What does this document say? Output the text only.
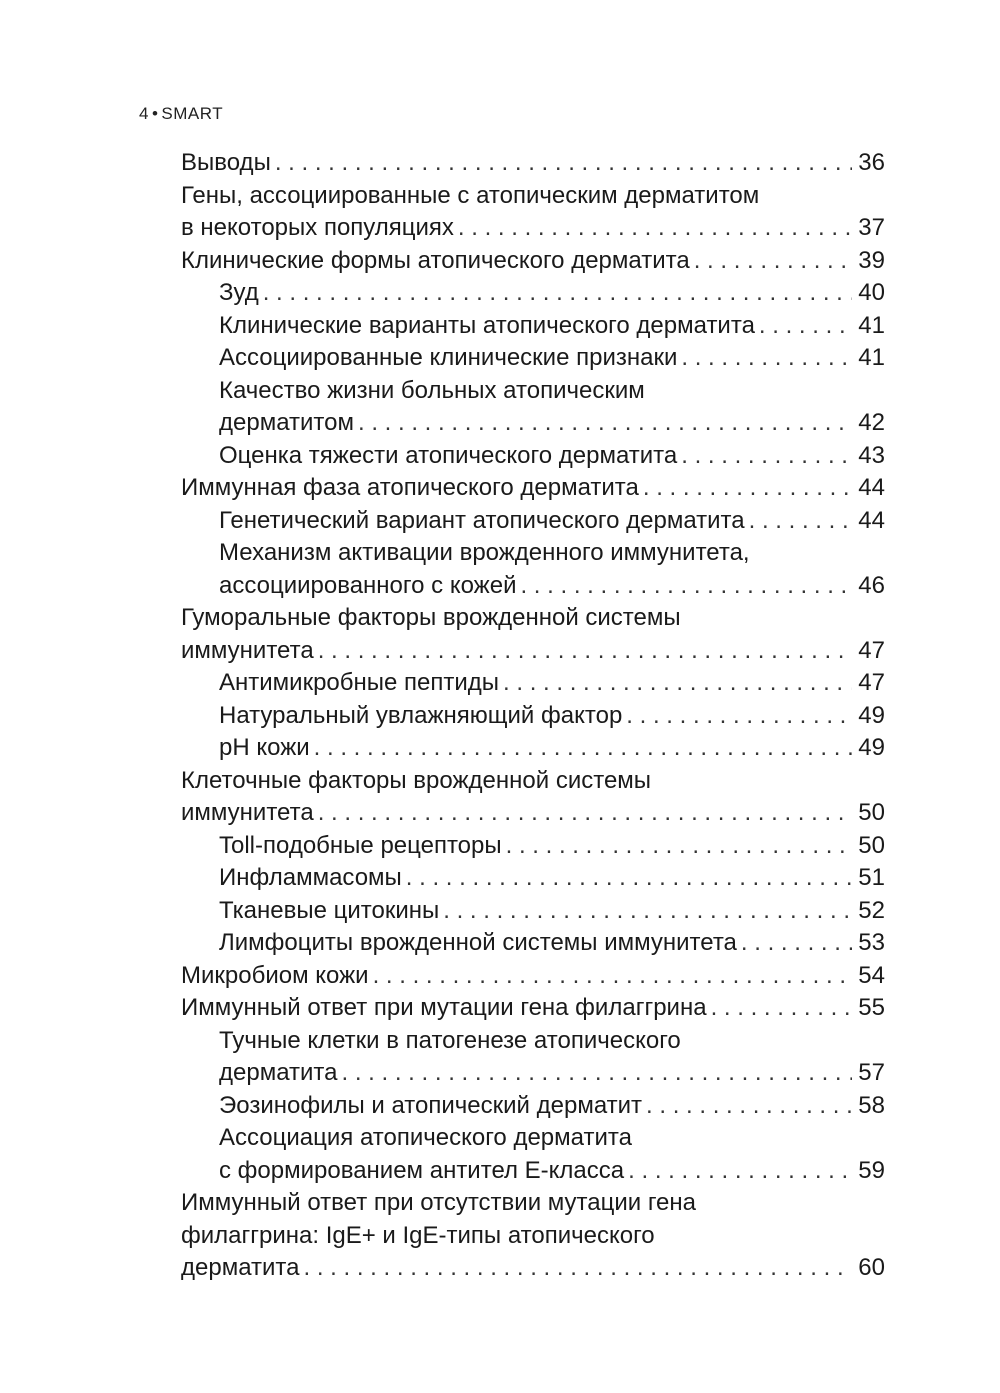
4 • SMART
Выводы . . .	36
Гены, ассоциированные с атопическим дерматитом
в некоторых популяциях . . .	37
Клинические формы атопического дерматита . . .	39
Зуд . . .	40
Клинические варианты атопического дерматита . . .	41
Ассоциированные клинические признаки . . .	41
Качество жизни больных атопическим
дерматитом . . .	42
Оценка тяжести атопического дерматита . . .	43
Иммунная фаза атопического дерматита . . .	44
Генетический вариант атопического дерматита . . .	44
Механизм активации врожденного иммунитета,
ассоциированного с кожей . . .	46
Гуморальные факторы врожденной системы
иммунитета . . .	47
Антимикробные пептиды . . .	47
Натуральный увлажняющий фактор . . .	49
рН кожи . . .	49
Клеточные факторы врожденной системы
иммунитета . . .	50
Toll-подобные рецепторы . . .	50
Инфламмасомы . . .	51
Тканевые цитокины . . .	52
Лимфоциты врожденной системы иммунитета . . .	53
Микробиом кожи . . .	54
Иммунный ответ при мутации гена филаггрина . . .	55
Тучные клетки в патогенезе атопического
дерматита . . .	57
Эозинофилы и атопический дерматит . . .	58
Ассоциация атопического дерматита
с формированием антител Е-класса . . .	59
Иммунный ответ при отсутствии мутации гена
филаггрина: IgE+ и IgE-типы атопического
дерматита . . .	60
